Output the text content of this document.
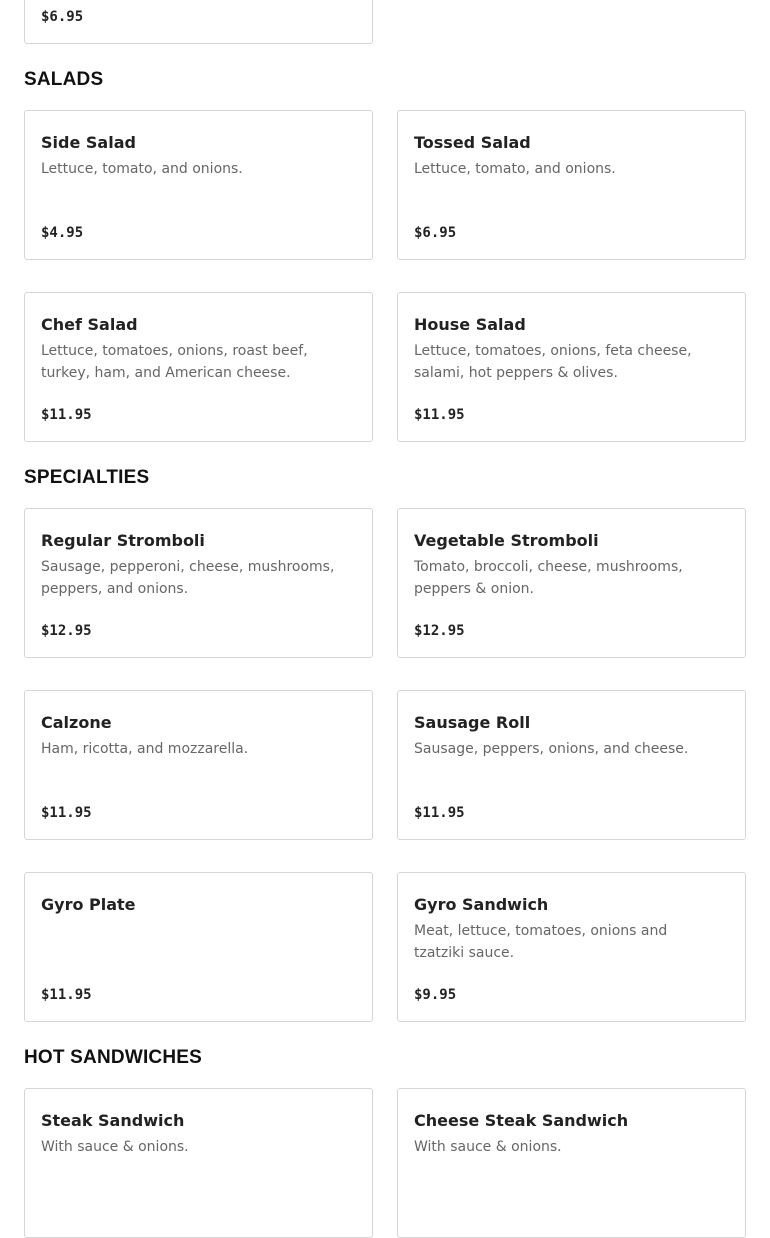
$6.95
SALADS
Side Salad
Lettuce, tomato, and onions.
$4.95
Tossed Salad
Lettuce, tomato, and onions.
$6.95
Chef Salad
Lettuce, tomatoes, onions, roast beef, turkey, ham, and American cheese.
$11.95
House Salad
Lettuce, tomatoes, onions, feta cheese, salami, hot peppers & olives.
$11.95
SPECIALTIES
Regular Stromboli
Sausage, pepperoni, cheese, mushrooms, peppers, and onions.
$12.95
Vegetable Stromboli
Tomato, broccoli, cheese, mushrooms, peppers & onion.
$12.95
Calzone
Ham, ricotta, and mozzarella.
$11.95
Sausage Roll
Sausage, peppers, onions, and cheese.
$11.95
Gyro Plate
$11.95
Gyro Sandwich
Meat, lettuce, tomatoes, onions and tzatziki sauce.
$9.95
HOT SANDWICHES
Steak Sandwich
With sauce & onions.
Cheese Steak Sandwich
With sauce & onions.
